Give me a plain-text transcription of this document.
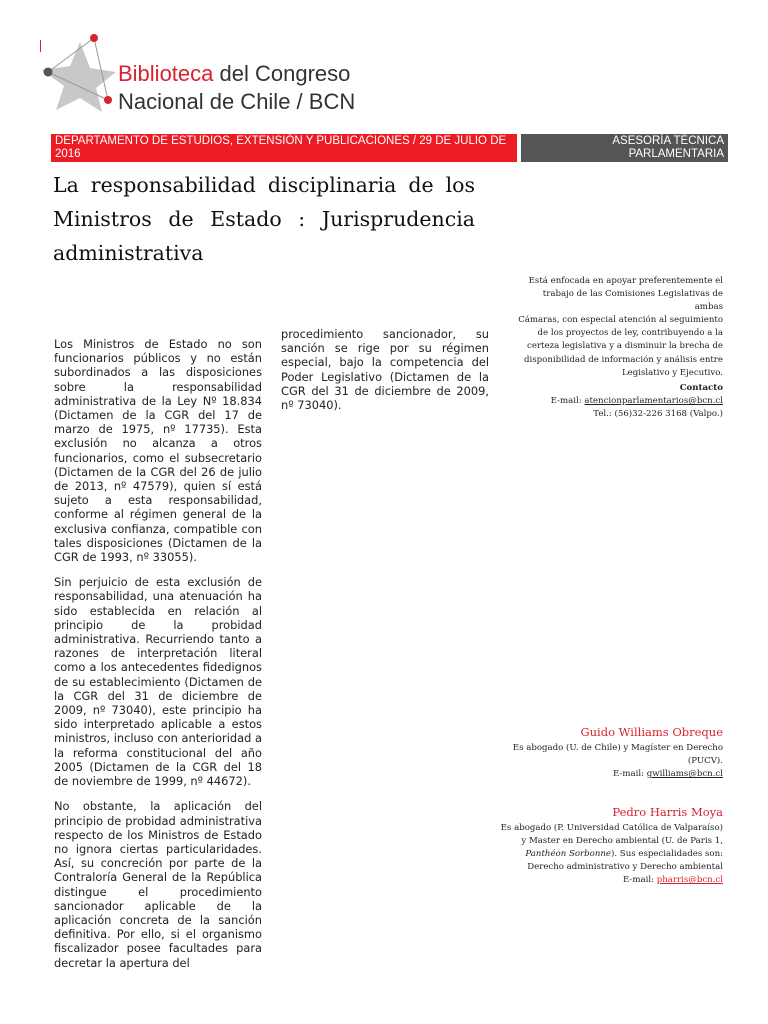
Biblioteca del Congreso
Nacional de Chile / BCN
DEPARTAMENTO DE ESTUDIOS, EXTENSIÓN Y PUBLICACIONES / 29 DE JULIO DE 2016
ASESORÍA TÉCNICA PARLAMENTARIA
La responsabilidad disciplinaria de los Ministros de Estado : Jurisprudencia administrativa

Los Ministros de Estado no son funcionarios públicos y no están subordinados a las disposiciones sobre la responsabilidad administrativa de la Ley Nº 18.834 (Dictamen de la CGR del 17 de marzo de 1975, nº 17735). Esta exclusión no alcanza a otros funcionarios, como el subsecretario (Dictamen de la CGR del 26 de julio de 2013, nº 47579), quien sí está sujeto a esta responsabilidad, conforme al régimen general de la exclusiva confianza, compatible con tales disposiciones (Dictamen de la CGR de 1993, nº 33055).

Sin perjuicio de esta exclusión de responsabilidad, una atenuación ha sido establecida en relación al principio de la probidad administrativa. Recurriendo tanto a razones de interpretación literal como a los antecedentes fidedignos de su establecimiento (Dictamen de la CGR del 31 de diciembre de 2009, nº 73040), este principio ha sido interpretado aplicable a estos ministros, incluso con anterioridad a la reforma constitucional del año 2005 (Dictamen de la CGR del 18 de noviembre de 1999, nº 44672).

No obstante, la aplicación del principio de probidad administrativa respecto de los Ministros de Estado no ignora ciertas particularidades. Así, su concreción por parte de la Contraloría General de la República distingue el procedimiento sancionador aplicable de la aplicación concreta de la sanción definitiva. Por ello, si el organismo fiscalizador posee facultades para decretar la apertura del

procedimiento sancionador, su sanción se rige por su régimen especial, bajo la competencia del Poder Legislativo (Dictamen de la CGR del 31 de diciembre de 2009, nº 73040).

Está enfocada en apoyar preferentemente el
trabajo de las Comisiones Legislativas de ambas
Cámaras, con especial atención al seguimiento
de los proyectos de ley, contribuyendo a la
certeza legislativa y a disminuir la brecha de
disponibilidad de información y análisis entre
Legislativo y Ejecutivo.
Contacto
E-mail: atencionparlamentarios@bcn.cl
Tel.: (56)32-226 3168 (Valpo.)
Guido Williams Obreque
Es abogado (U. de Chile) y Magíster en Derecho
(PUCV).
E-mail: gwilliams@bcn.cl
Pedro Harris Moya
Es abogado (P. Universidad Católica de Valparaíso)
y Master en Derecho ambiental (U. de Paris 1,
Panthéon Sorbonne). Sus especialidades son:
Derecho administrativo y Derecho ambiental
E-mail: pharris@bcn.cl
